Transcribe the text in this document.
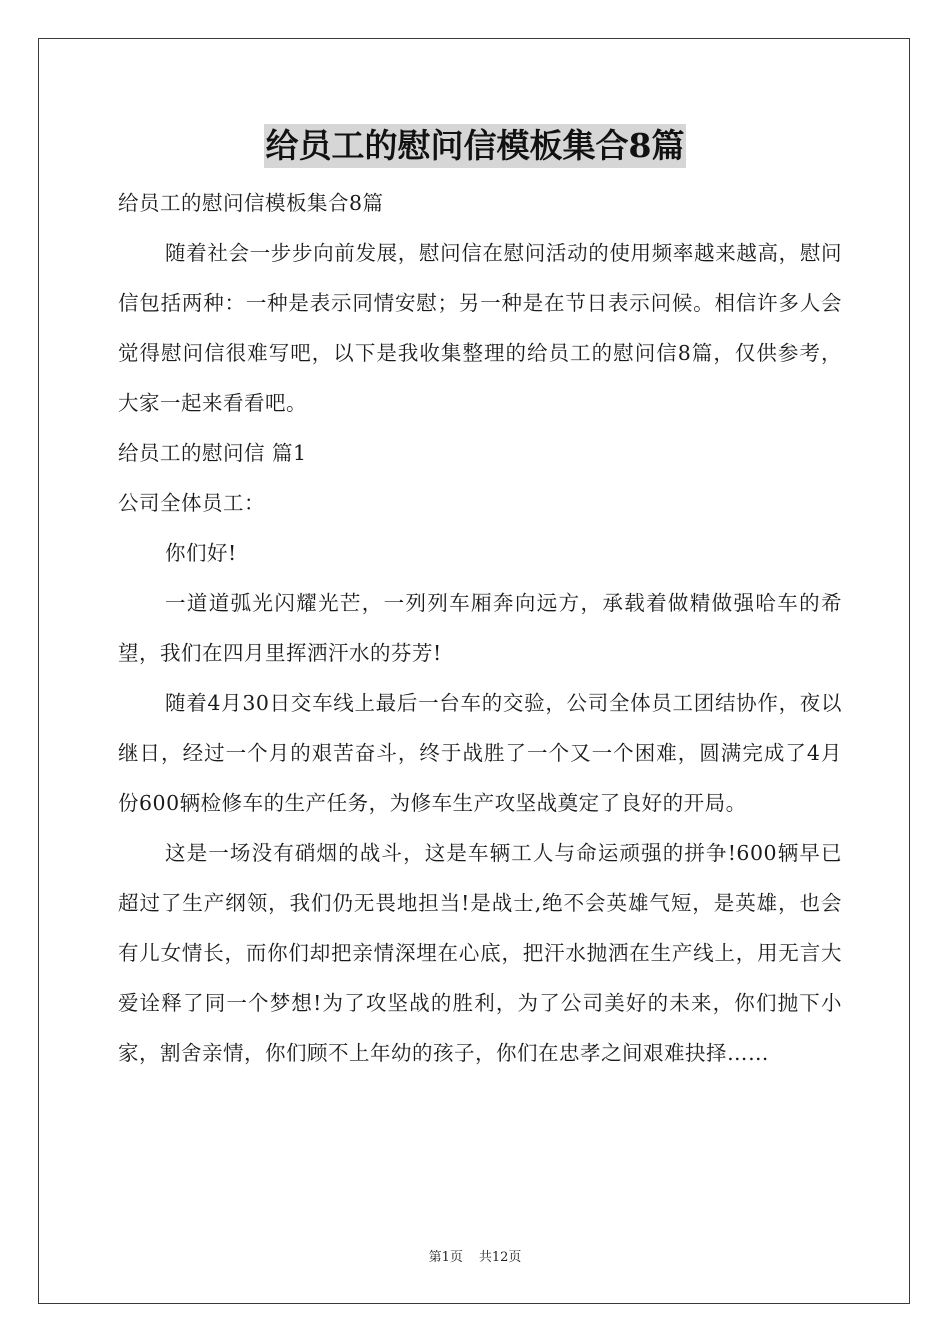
给员工的慰问信模板集合8篇

给员工的慰问信模板集合8篇

随着社会一步步向前发展，慰问信在慰问活动的使用频率越来越高，慰问信包括两种：一种是表示同情安慰；另一种是在节日表示问候。相信许多人会觉得慰问信很难写吧，以下是我收集整理的给员工的慰问信8篇，仅供参考，大家一起来看看吧。

给员工的慰问信 篇1

公司全体员工：

你们好!

一道道弧光闪耀光芒，一列列车厢奔向远方，承载着做精做强哈车的希望，我们在四月里挥洒汗水的芬芳!

随着4月30日交车线上最后一台车的交验，公司全体员工团结协作，夜以继日，经过一个月的艰苦奋斗，终于战胜了一个又一个困难，圆满完成了4月份600辆检修车的生产任务，为修车生产攻坚战奠定了良好的开局。

这是一场没有硝烟的战斗，这是车辆工人与命运顽强的拼争!600辆早已超过了生产纲领，我们仍无畏地担当!是战士,绝不会英雄气短，是英雄，也会有儿女情长，而你们却把亲情深埋在心底，把汗水抛洒在生产线上，用无言大爱诠释了同一个梦想!为了攻坚战的胜利，为了公司美好的未来，你们抛下小家，割舍亲情，你们顾不上年幼的孩子，你们在忠孝之间艰难抉择……

第1页 共12页
